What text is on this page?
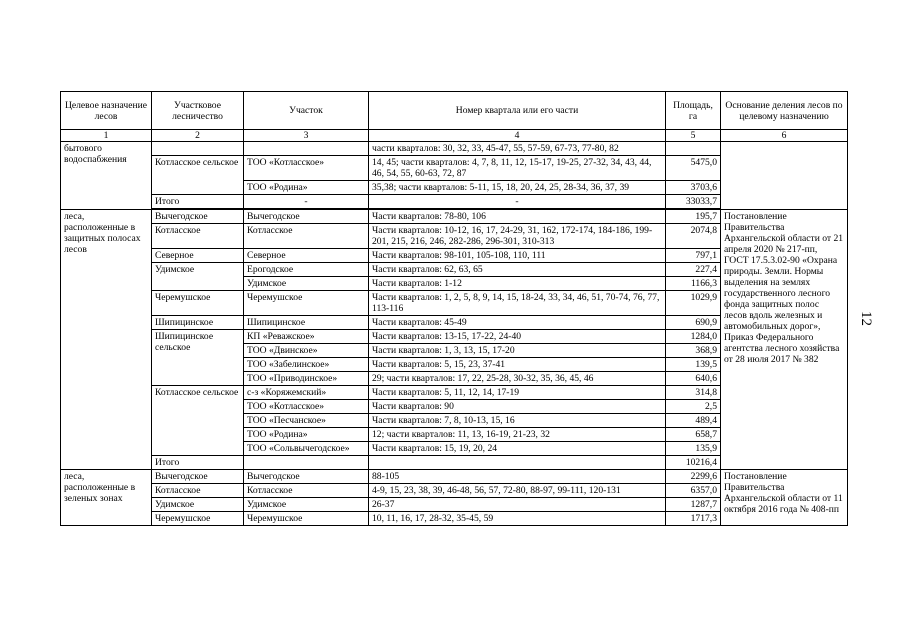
12
Целевое назначение лесов	Участковое лесничество	Участок	Номер квартала или его части	Площадь, га	Основание деления лесов по целевому назначению
1	2	3	4	5	6
бытового водоспабжения			части кварталов: 30, 32, 33, 45-47, 55, 57-59, 67-73, 77-80, 82		
	Котласское сельское	ТОО «Котласское»	14, 45; части кварталов: 4, 7, 8, 11, 12, 15-17, 19-25, 27-32, 34, 43, 44, 46, 54, 55, 60-63, 72, 87	5475,0	
		ТОО «Родина»	35,38; части кварталов: 5-11, 15, 18, 20, 24, 25, 28-34, 36, 37, 39	3703,6	
	Итого	-	-	33033,7	

леса, расположенные в защитных полосах лесов	Вычегодское	Вычегодское	Части кварталов: 78-80, 106	195,7	Постановление Правительства Архангельской области от 21 апреля 2020 № 217-пп, ГОСТ 17.5.3.02-90 «Охрана природы. Земли. Нормы выделения на землях государственного лесного фонда защитных полос лесов вдоль железных и автомобильных дорог», Приказ Федерального агентства лесного хозяйства от 28 июля 2017 № 382
	Котласское	Котласское	Части кварталов: 10-12, 16, 17, 24-29, 31, 162, 172-174, 184-186, 199-201, 215, 216, 246, 282-286, 296-301, 310-313	2074,8	
	Северное	Северное	Части кварталов: 98-101, 105-108, 110, 111	797,1	
	Удимское	Ерогодское	Части кварталов: 62, 63, 65	227,4	
		Удимское	Части кварталов: 1-12	1166,3	
	Черемушское	Черемушское	Части кварталов: 1, 2, 5, 8, 9, 14, 15, 18-24, 33, 34, 46, 51, 70-74, 76, 77, 113-116	1029,9	
	Шипицинское	Шипицинское	Части кварталов: 45-49	690,9	
	Шипицинское сельское	КП «Реважское»	Части кварталов: 13-15, 17-22, 24-40	1284,0	
		ТОО «Двинское»	Части кварталов: 1, 3, 13, 15, 17-20	368,9	
		ТОО «Забелинское»	Части кварталов: 5, 15, 23, 37-41	139,5	
		ТОО «Приводинское»	29; части кварталов: 17, 22, 25-28, 30-32, 35, 36, 45, 46	640,6	
	Котласское сельское	с-з «Коряжемский»	Части кварталов: 5, 11, 12, 14, 17-19	314,8	
		ТОО «Котласское»	Части кварталов: 90	2,5	
		ТОО «Песчанское»	Части кварталов: 7, 8, 10-13, 15, 16	489,4	
		ТОО «Родина»	12; части кварталов: 11, 13, 16-19, 21-23, 32	658,7	
		ТОО «Сольвычегодское»	Части кварталов: 15, 19, 20, 24	135,9	
	Итого			10216,4	
леса, расположенные в зеленых зонах	Вычегодское	Вычегодское	88-105	2299,6	Постановление Правительства Архангельской области от 11 октября 2016 года № 408-пп
	Котласское	Котласское	4-9, 15, 23, 38, 39, 46-48, 56, 57, 72-80, 88-97, 99-111, 120-131	6357,0	
	Удимское	Удимское	26-37	1287,7	
	Черемушское	Черемушское	10, 11, 16, 17, 28-32, 35-45, 59	1717,3	
